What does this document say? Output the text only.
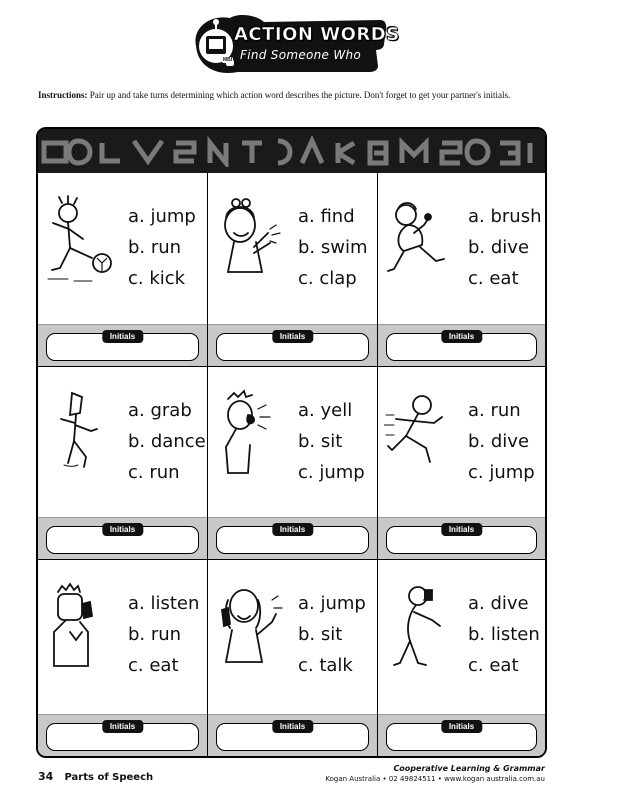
ACTION WORDS
Find Someone Who
MBI

Instructions: Pair up and take turns determining which action word describes the picture. Don't forget to get your partner's initials.

a. jump
b. run
c. kick
Initials
a. find
b. swim
c. clap
Initials
a. brush
b. dive
c. eat
Initials
a. grab
b. dance
c. run
Initials
a. yell
b. sit
c. jump
Initials
a. run
b. dive
c. jump
Initials
a. listen
b. run
c. eat
Initials
a. jump
b. sit
c. talk
Initials
a. dive
b. listen
c. eat
Initials
34 Parts of Speech
Cooperative Learning & Grammar
Kogan Australia • 02 49824511 • www.kogan australia.com.au
